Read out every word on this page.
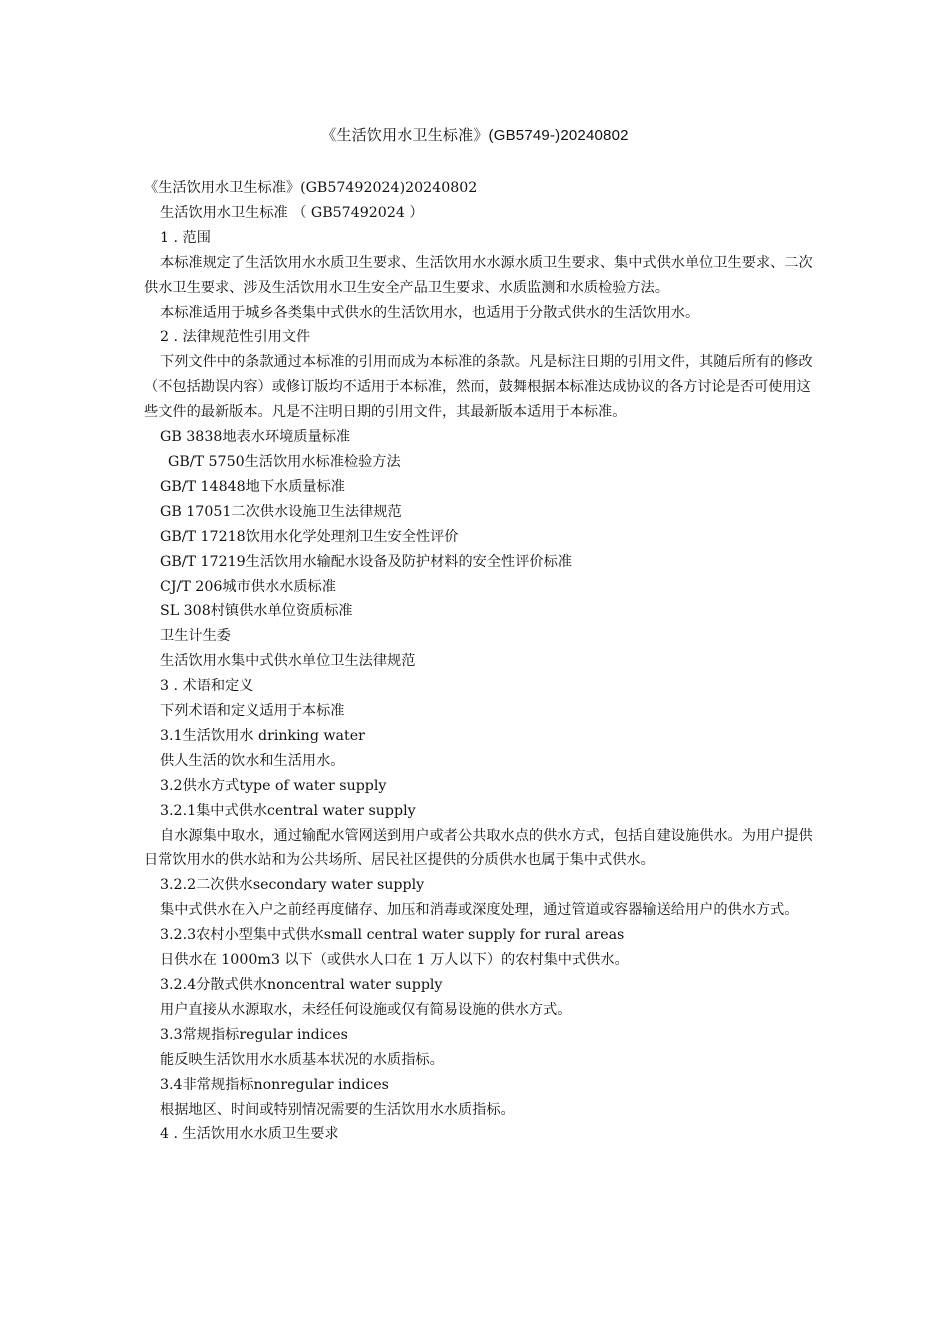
《生活饮用水卫生标准》(GB5749-)20240802

《生活饮用水卫生标准》(GB57492024)20240802

生活饮用水卫生标准 （ GB57492024 ）

1 . 范围

本标准规定了生活饮用水水质卫生要求、生活饮用水水源水质卫生要求、集中式供水单位卫生要求、二次供水卫生要求、涉及生活饮用水卫生安全产品卫生要求、水质监测和水质检验方法。

本标准适用于城乡各类集中式供水的生活饮用水，也适用于分散式供水的生活饮用水。

2 . 法律规范性引用文件

下列文件中的条款通过本标准的引用而成为本标准的条款。凡是标注日期的引用文件，其随后所有的修改（不包括勘误内容）或修订版均不适用于本标准，然而，鼓舞根据本标准达成协议的各方讨论是否可使用这些文件的最新版本。凡是不注明日期的引用文件，其最新版本适用于本标准。

GB 3838地表水环境质量标准

GB/T 5750生活饮用水标准检验方法

GB/T 14848地下水质量标准

GB 17051二次供水设施卫生法律规范

GB/T 17218饮用水化学处理剂卫生安全性评价

GB/T 17219生活饮用水输配水设备及防护材料的安全性评价标准

CJ/T 206城市供水水质标准

SL 308村镇供水单位资质标准

卫生计生委

生活饮用水集中式供水单位卫生法律规范

3 . 术语和定义

下列术语和定义适用于本标准

3.1生活饮用水 drinking water

供人生活的饮水和生活用水。

3.2供水方式type of water supply

3.2.1集中式供水central water supply

自水源集中取水，通过输配水管网送到用户或者公共取水点的供水方式，包括自建设施供水。为用户提供日常饮用水的供水站和为公共场所、居民社区提供的分质供水也属于集中式供水。

3.2.2二次供水secondary water supply

集中式供水在入户之前经再度储存、加压和消毒或深度处理，通过管道或容器输送给用户的供水方式。

3.2.3农村小型集中式供水small central water supply for rural areas

日供水在 1000m3 以下（或供水人口在 1 万人以下）的农村集中式供水。

3.2.4分散式供水noncentral water supply

用户直接从水源取水，未经任何设施或仅有简易设施的供水方式。

3.3常规指标regular indices

能反映生活饮用水水质基本状况的水质指标。

3.4非常规指标nonregular indices

根据地区、时间或特别情况需要的生活饮用水水质指标。

4 . 生活饮用水水质卫生要求
